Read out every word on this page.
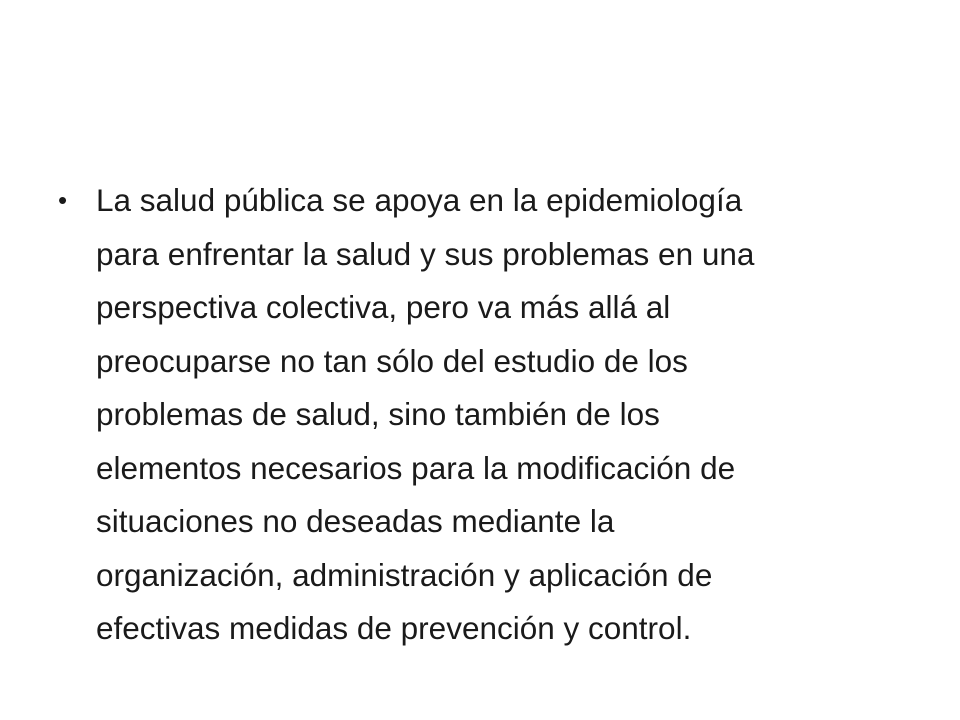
• La salud pública se apoya en la epidemiología
para enfrentar la salud y sus problemas en una
perspectiva colectiva, pero va más allá al
preocuparse no tan sólo del estudio de los
problemas de salud, sino también de los
elementos necesarios para la modificación de
situaciones no deseadas mediante la
organización, administración y aplicación de
efectivas medidas de prevención y control.
